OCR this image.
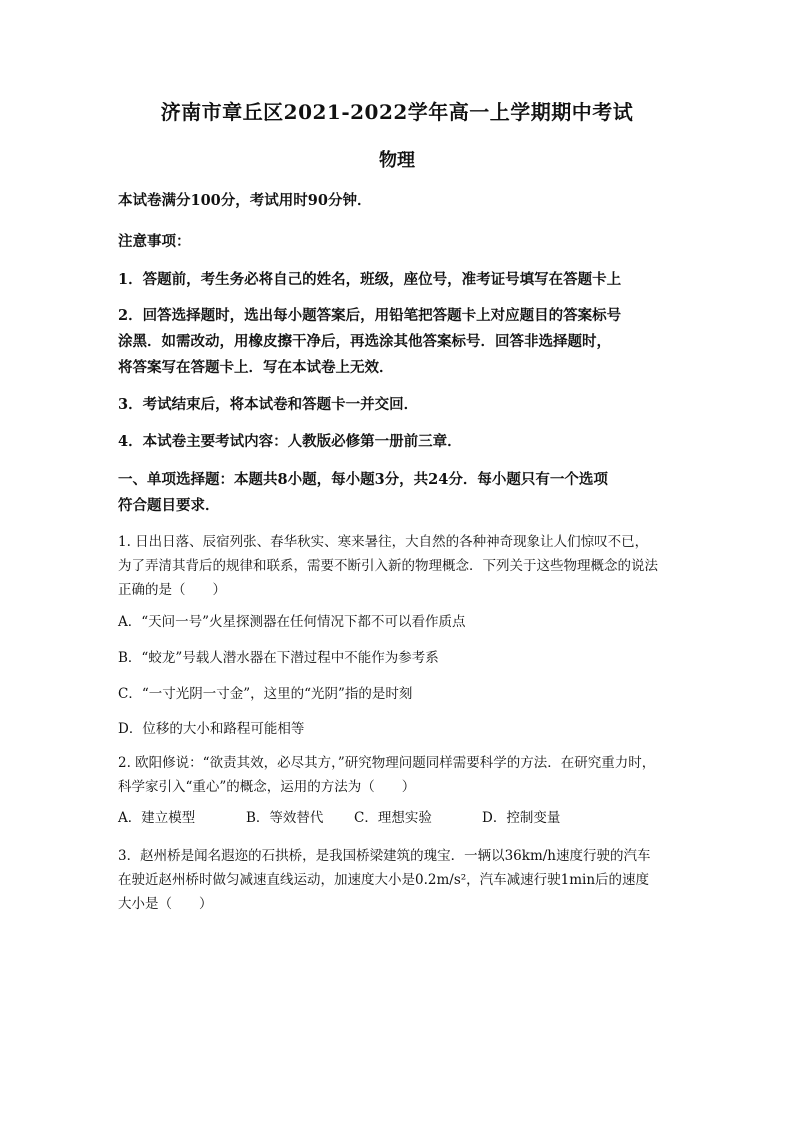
济南市章丘区2021-2022学年高一上学期期中考试
物理
本试卷满分100分，考试用时90分钟．
注意事项：
1．答题前，考生务必将自己的姓名，班级，座位号，准考证号填写在答题卡上
2．回答选择题时，选出每小题答案后，用铅笔把答题卡上对应题目的答案标号
涂黑．如需改动，用橡皮擦干净后，再选涂其他答案标号．回答非选择题时，
将答案写在答题卡上．写在本试卷上无效．
3．考试结束后，将本试卷和答题卡一并交回．
4．本试卷主要考试内容：人教版必修第一册前三章．
一、单项选择题：本题共8小题，每小题3分，共24分．每小题只有一个选项
符合题目要求．
1. 日出日落、辰宿列张、春华秋实、寒来暑往，大自然的各种神奇现象让人们惊叹不已，
为了弄清其背后的规律和联系，需要不断引入新的物理概念．下列关于这些物理概念的说法
正确的是（　　）
A．“天问一号”火星探测器在任何情况下都不可以看作质点
B．“蛟龙”号载人潜水器在下潜过程中不能作为参考系
C．“一寸光阴一寸金”，这里的“光阴”指的是时刻
D．位移的大小和路程可能相等
2. 欧阳修说：“欲责其效，必尽其方，”研究物理问题同样需要科学的方法．在研究重力时，
科学家引入“重心”的概念，运用的方法为（　　）
A．建立模型	B．等效替代 C．理想实验	D．控制变量
3．赵州桥是闻名遐迩的石拱桥，是我国桥梁建筑的瑰宝．一辆以36km/h速度行驶的汽车
在驶近赵州桥时做匀减速直线运动，加速度大小是0.2m/s²，汽车减速行驶1min后的速度
大小是（　　）
